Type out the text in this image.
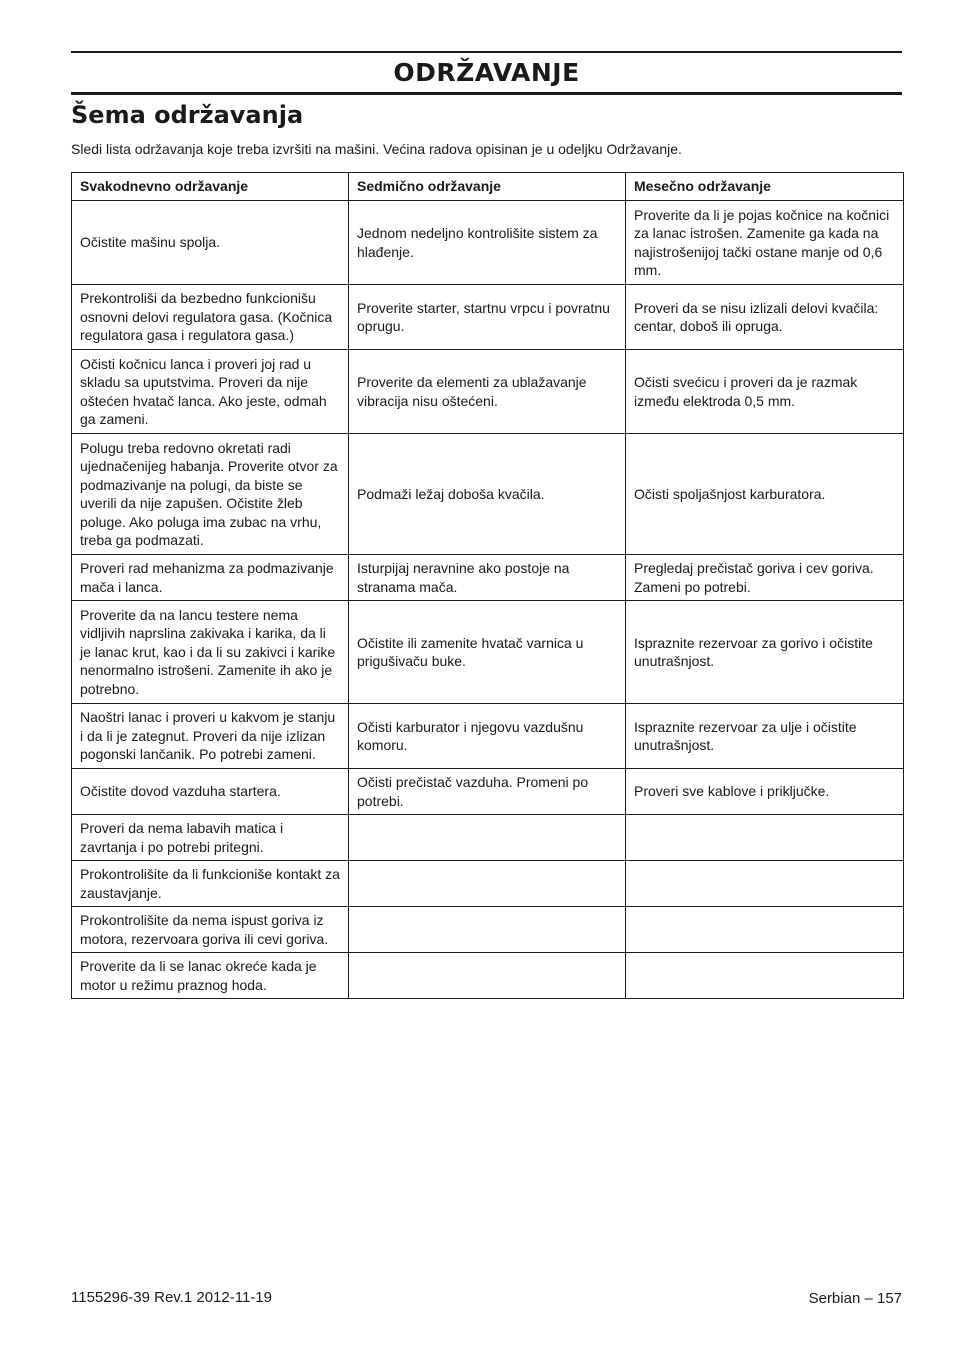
ODRŽAVANJE
Šema održavanja
Sledi lista održavanja koje treba izvršiti na mašini. Većina radova opisinan je u odeljku Održavanje.
Svakodnevno održavanje	Sedmično održavanje	Mesečno održavanje
Očistite mašinu spolja.	Jednom nedeljno kontrolišite sistem za hlađenje.	Proverite da li je pojas kočnice na kočnici za lanac istrošen. Zamenite ga kada na najistrošenijoj tački ostane manje od 0,6 mm.
Prekontroliši da bezbedno funkcionišu osnovni delovi regulatora gasa. (Kočnica regulatora gasa i regulatora gasa.)	Proverite starter, startnu vrpcu i povratnu oprugu.	Proveri da se nisu izlizali delovi kvačila: centar, doboš ili opruga.
Očisti kočnicu lanca i proveri joj rad u skladu sa uputstvima. Proveri da nije oštećen hvatač lanca. Ako jeste, odmah ga zameni.	Proverite da elementi za ublažavanje vibracija nisu oštećeni.	Očisti svećicu i proveri da je razmak između elektroda 0,5 mm.
Polugu treba redovno okretati radi ujednačenijeg habanja. Proverite otvor za podmazivanje na polugi, da biste se uverili da nije zapušen. Očistite žleb poluge. Ako poluga ima zubac na vrhu, treba ga podmazati.	Podmaži ležaj doboša kvačila.	Očisti spoljašnjost karburatora.
Proveri rad mehanizma za podmazivanje mača i lanca.	Isturpijaj neravnine ako postoje na stranama mača.	Pregledaj prečistač goriva i cev goriva. Zameni po potrebi.
Proverite da na lancu testere nema vidljivih naprslina zakivaka i karika, da li je lanac krut, kao i da li su zakivci i karike nenormalno istrošeni. Zamenite ih ako je potrebno.	Očistite ili zamenite hvatač varnica u prigušivaču buke.	Ispraznite rezervoar za gorivo i očistite unutrašnjost.
Naoštri lanac i proveri u kakvom je stanju i da li je zategnut. Proveri da nije izlizan pogonski lančanik. Po potrebi zameni.	Očisti karburator i njegovu vazdušnu komoru.	Ispraznite rezervoar za ulje i očistite unutrašnjost.
Očistite dovod vazduha startera.	Očisti prečistač vazduha. Promeni po potrebi.	Proveri sve kablove i priključke.
Proveri da nema labavih matica i zavrtanja i po potrebi pritegni.		
Prokontrolišite da li funkcioniše kontakt za zaustavjanje.		
Prokontrolišite da nema ispust goriva iz motora, rezervoara goriva ili cevi goriva.		
Proverite da li se lanac okreće kada je motor u režimu praznog hoda.		
1155296-39 Rev.1 2012-11-19	Serbian – 157
